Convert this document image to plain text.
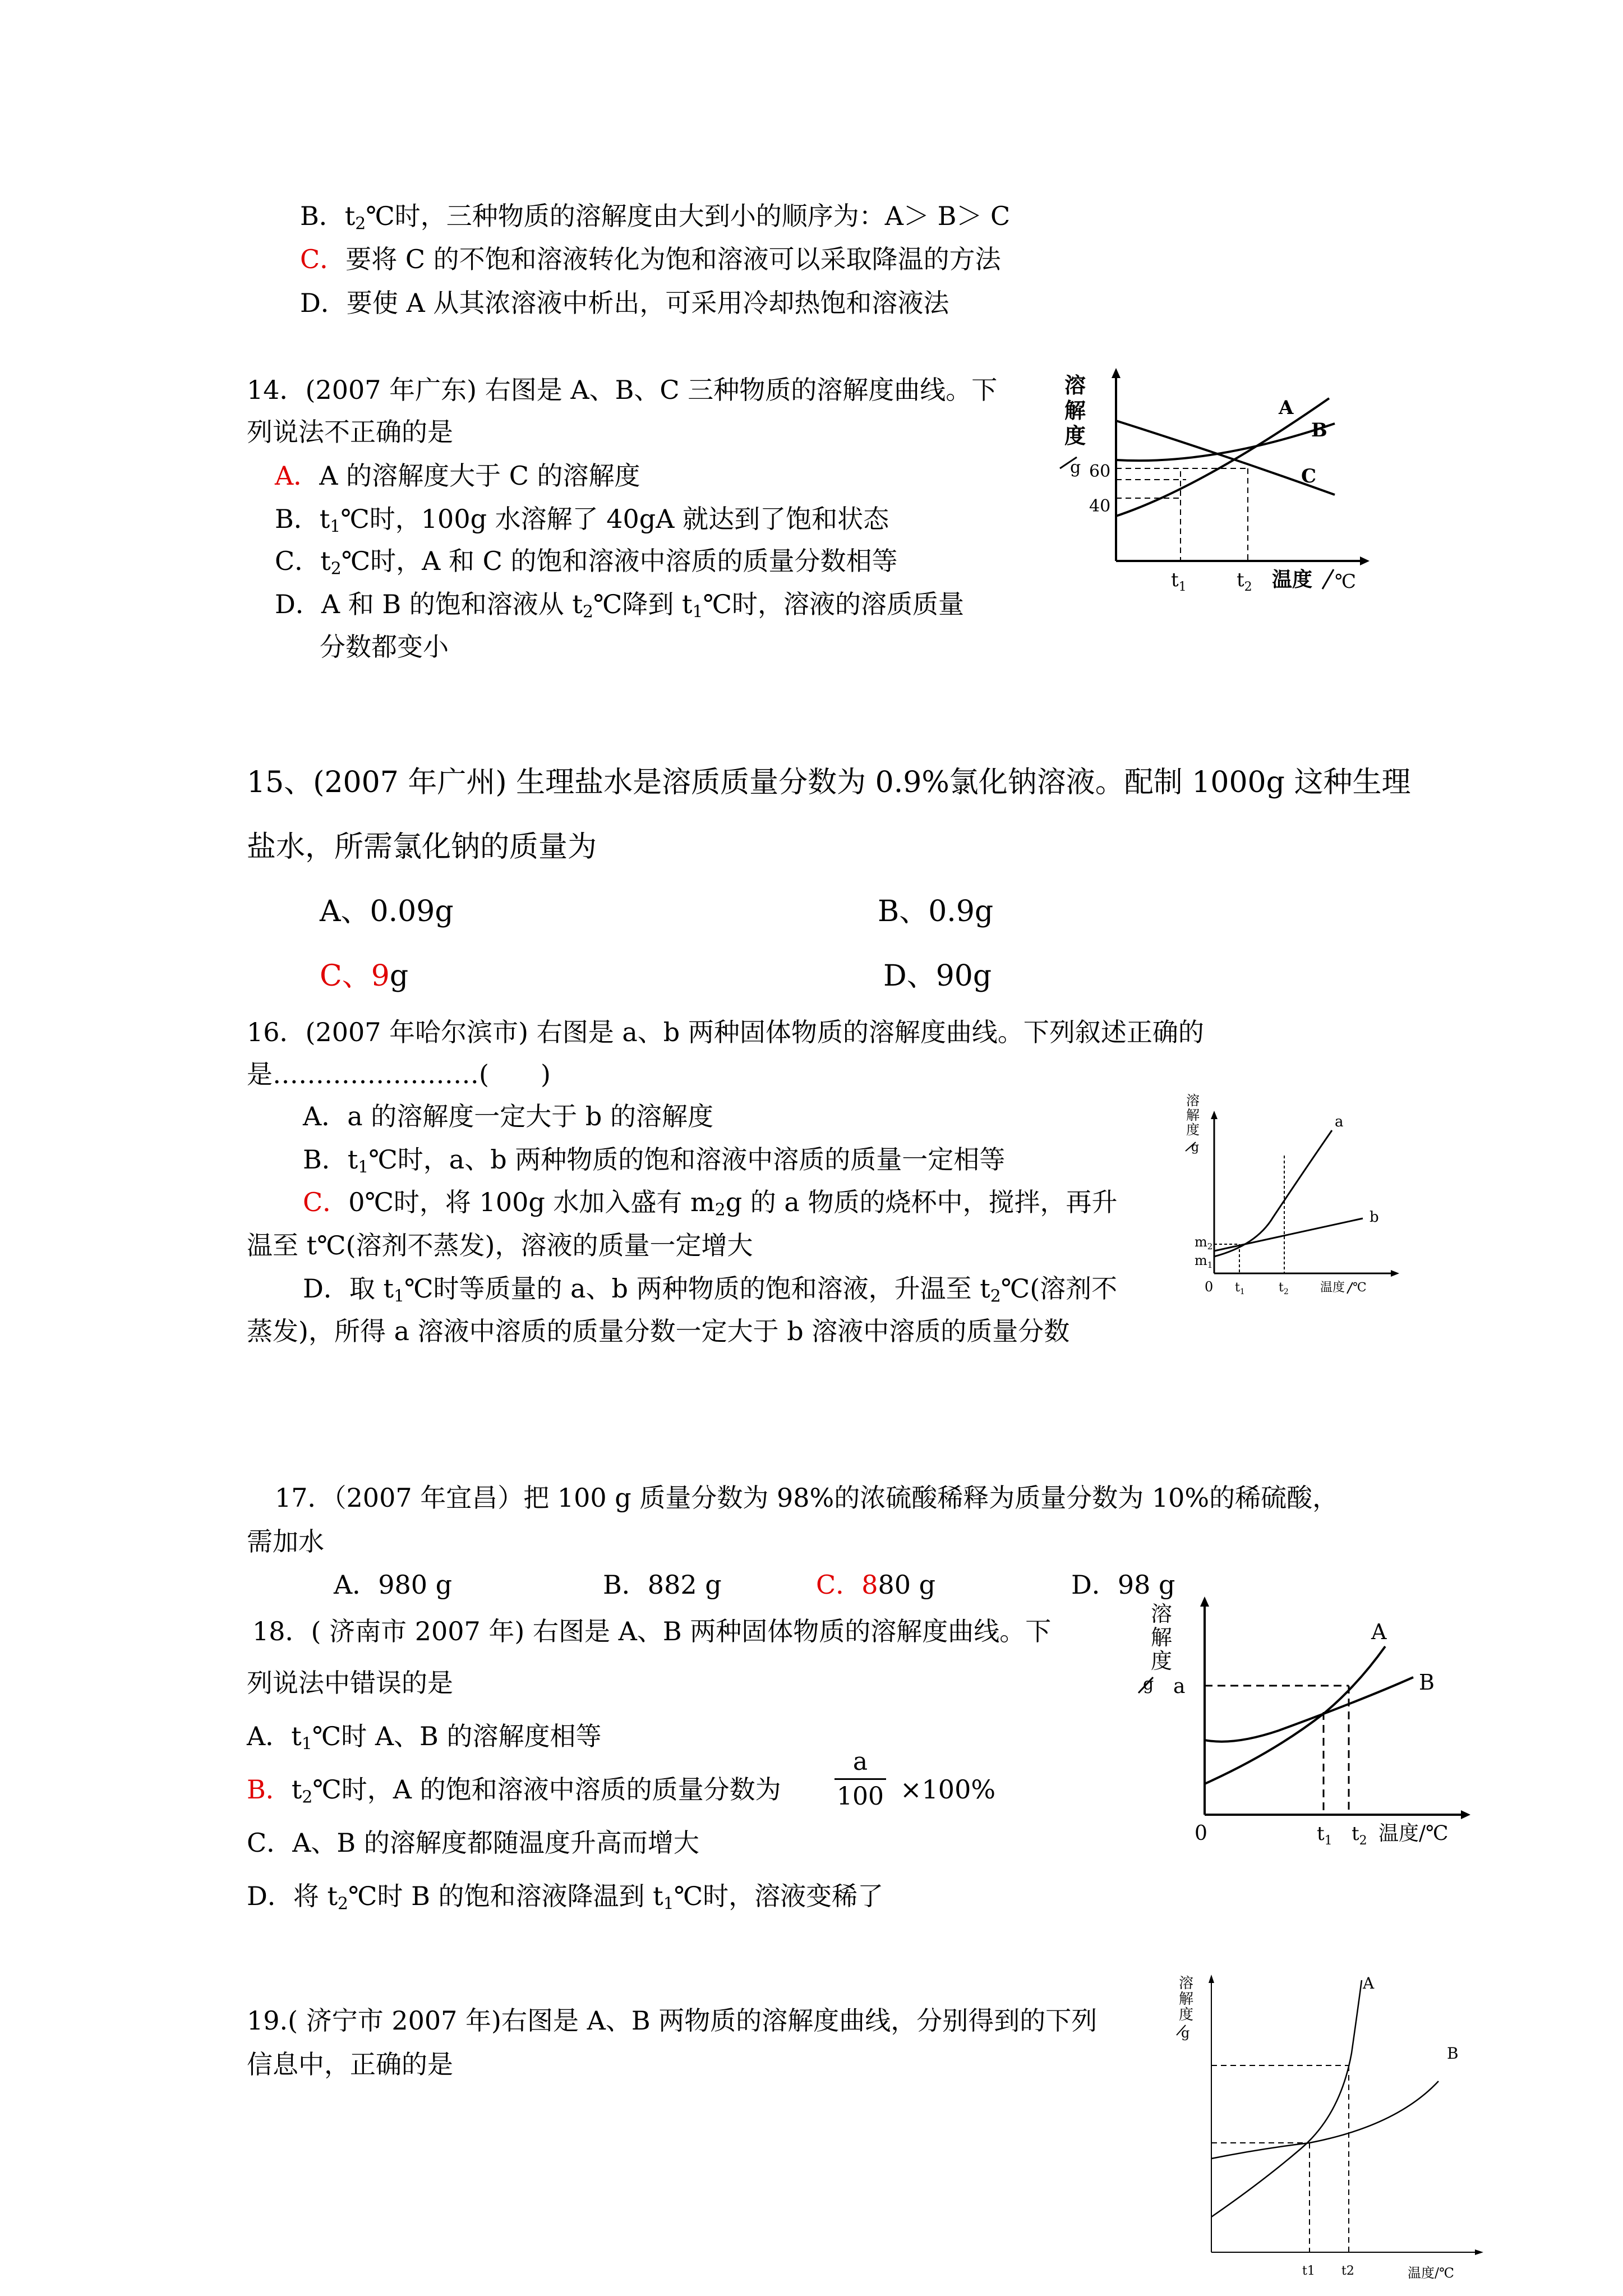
B．$t_2℃$时，三种物质的溶解度由大到小的顺序为：A＞ B＞ C
C．要将 C 的不饱和溶液转化为饱和溶液可以采取降温的方法
D．要使 A 从其浓溶液中析出，可采用冷却热饱和溶液法
14．(2007 年广东) 右图是 A、B、C 三种物质的溶解度曲线。下
列说法不正确的是
A．A 的溶解度大于 C 的溶解度
B．$t_1℃$时，100g 水溶解了 40gA 就达到了饱和状态
C．$t_2℃$时，A 和 C 的饱和溶液中溶质的质量分数相等
D．A 和 B 的饱和溶液从 $t_2℃$降到 $t_1℃$时，溶液的溶质质量
分数都变小
溶
解
度
g 60
40
A
B
C
$t_1$	$t_2$ 温度 ℃
15、(2007 年广州) 生理盐水是溶质质量分数为 0.9%氯化钠溶液。配制 1000g 这种生理
盐水，所需氯化钠的质量为
A、0.09g	B、0.9g
C、9g	D、90g
16．(2007 年哈尔滨市) 右图是 a、b 两种固体物质的溶解度曲线。下列叙述正确的
是……………………(　　)
A．a 的溶解度一定大于 b 的溶解度
B．$t_1℃$时，a、b 两种物质的饱和溶液中溶质的质量一定相等
C．0℃时，将 100g 水加入盛有 $m_2g$ 的 a 物质的烧杯中，搅拌，再升
温至 t℃(溶剂不蒸发)，溶液的质量一定增大
D．取 $t_1℃$时等质量的 a、b 两种物质的饱和溶液，升温至 $t_2℃$(溶剂不
蒸发)，所得 a 溶液中溶质的质量分数一定大于 b 溶液中溶质的质量分数
溶
解
度
g
$m_2$
$m_1$
a
b
0 $t_1$	$t_2$	温度 ℃
17．（2007 年宜昌）把 100 g 质量分数为 98%的浓硫酸稀释为质量分数为 10%的稀硫酸，
需加水
A．980 g	B．882 g	C．880 g	D．98 g
18．( 济南市 2007 年) 右图是 A、B 两种固体物质的溶解度曲线。下
列说法中错误的是
A．$t_1℃$时 A、B 的溶解度相等
B．$t_2℃$时，A 的饱和溶液中溶质的质量分数为
a
100 ×100%
C．A、B 的溶解度都随温度升高而增大
D．将 $t_2℃$时 B 的饱和溶液降温到 $t_1℃$时，溶液变稀了
溶
解
度
g a
A
B
0	$t_1$ $t_2$ 温度/℃
19.( 济宁市 2007 年)右图是 A、B 两物质的溶解度曲线，分别得到的下列
信息中，正确的是
溶
解
度
g
A
B
t1 t2	温度/℃
